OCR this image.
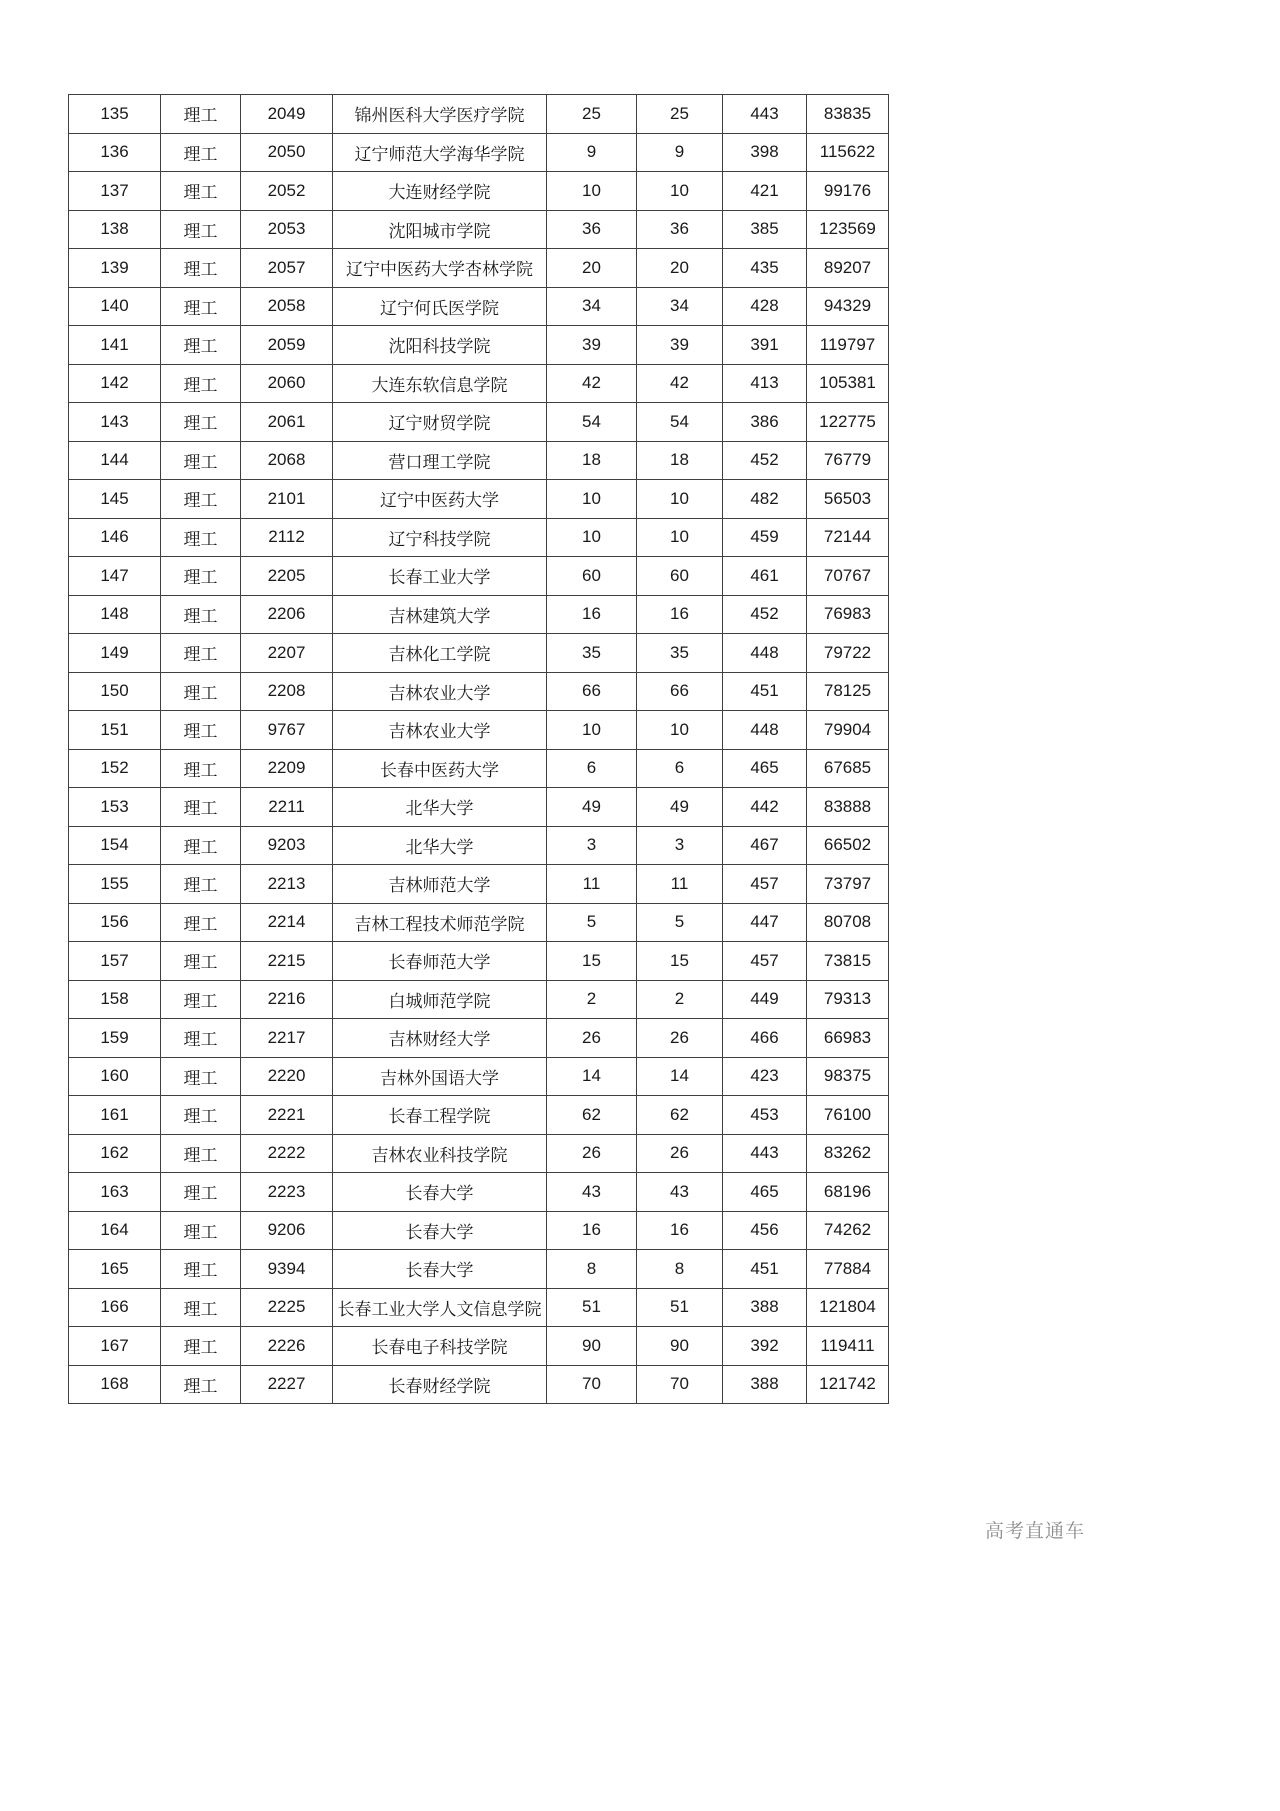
135	理工	2049	锦州医科大学医疗学院	25	25	443	83835
136	理工	2050	辽宁师范大学海华学院	9	9	398	115622
137	理工	2052	大连财经学院	10	10	421	99176
138	理工	2053	沈阳城市学院	36	36	385	123569
139	理工	2057	辽宁中医药大学杏林学院	20	20	435	89207
140	理工	2058	辽宁何氏医学院	34	34	428	94329
141	理工	2059	沈阳科技学院	39	39	391	119797
142	理工	2060	大连东软信息学院	42	42	413	105381
143	理工	2061	辽宁财贸学院	54	54	386	122775
144	理工	2068	营口理工学院	18	18	452	76779
145	理工	2101	辽宁中医药大学	10	10	482	56503
146	理工	2112	辽宁科技学院	10	10	459	72144
147	理工	2205	长春工业大学	60	60	461	70767
148	理工	2206	吉林建筑大学	16	16	452	76983
149	理工	2207	吉林化工学院	35	35	448	79722
150	理工	2208	吉林农业大学	66	66	451	78125
151	理工	9767	吉林农业大学	10	10	448	79904
152	理工	2209	长春中医药大学	6	6	465	67685
153	理工	2211	北华大学	49	49	442	83888
154	理工	9203	北华大学	3	3	467	66502
155	理工	2213	吉林师范大学	11	11	457	73797
156	理工	2214	吉林工程技术师范学院	5	5	447	80708
157	理工	2215	长春师范大学	15	15	457	73815
158	理工	2216	白城师范学院	2	2	449	79313
159	理工	2217	吉林财经大学	26	26	466	66983
160	理工	2220	吉林外国语大学	14	14	423	98375
161	理工	2221	长春工程学院	62	62	453	76100
162	理工	2222	吉林农业科技学院	26	26	443	83262
163	理工	2223	长春大学	43	43	465	68196
164	理工	9206	长春大学	16	16	456	74262
165	理工	9394	长春大学	8	8	451	77884
166	理工	2225	长春工业大学人文信息学院	51	51	388	121804
167	理工	2226	长春电子科技学院	90	90	392	119411
168	理工	2227	长春财经学院	70	70	388	121742
高考直通车
